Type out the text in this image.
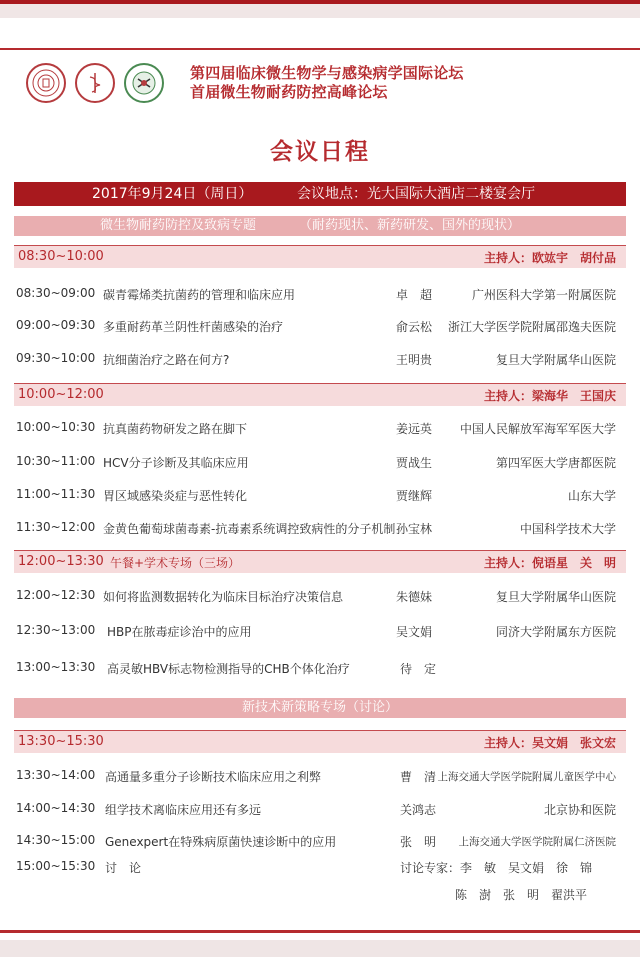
第四届临床微生物学与感染病学国际论坛
首届微生物耐药防控高峰论坛
会议日程
2017年9月24日（周日）	会议地点：光大国际大酒店二楼宴会厅
微生物耐药防控及致病专题	（耐药现状、新药研发、国外的现状）
08:30~10:00	主持人：欧竑宇　胡付品
08:30~09:00 碳青霉烯类抗菌药的管理和临床应用	卓　超	广州医科大学第一附属医院
09:00~09:30 多重耐药革兰阴性杆菌感染的治疗	俞云松 浙江大学医学院附属邵逸夫医院
09:30~10:00 抗细菌治疗之路在何方?	王明贵	复旦大学附属华山医院
10:00~12:00	主持人：梁海华　王国庆
10:00~10:30 抗真菌药物研发之路在脚下	姜远英 中国人民解放军海军军医大学
10:30~11:00 HCV分子诊断及其临床应用	贾战生	第四军医大学唐都医院
11:00~11:30 胃区域感染炎症与恶性转化	贾继辉	山东大学
11:30~12:00 金黄色葡萄球菌毒素-抗毒素系统调控致病性的分子机制 孙宝林	中国科学技术大学
12:00~13:30 午餐+学术专场（三场）	主持人：倪语星　关　明
12:00~12:30 如何将监测数据转化为临床目标治疗决策信息	朱德妹	复旦大学附属华山医院
12:30~13:00 HBP在脓毒症诊治中的应用	吴文娟	同济大学附属东方医院
13:00~13:30 高灵敏HBV标志物检测指导的CHB个体化治疗	待　定
新技术新策略专场（讨论）
13:30~15:30	主持人：吴文娟　张文宏
13:30~14:00 高通量多重分子诊断技术临床应用之利弊	曹　清 上海交通大学医学院附属儿童医学中心
14:00~14:30 组学技术离临床应用还有多远	关鸿志	北京协和医院
14:30~15:00 Genexpert在特殊病原菌快速诊断中的应用	张　明 上海交通大学医学院附属仁济医院
15:00~15:30 讨　论	讨论专家：李　敏　吴文娟　徐　锦
陈　澍　张　明　翟洪平
